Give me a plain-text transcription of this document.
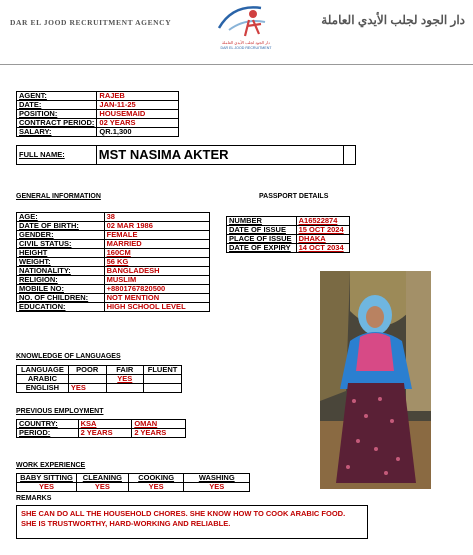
DAR EL JOOD RECRUITMENT AGENCY
دار الجود لجلب الأيدي العاملة
DAR EL JOOD RECRUITMENT
دار الجود لجلب الأيدي العاملة
AGENT:	RAJEB
DATE:	JAN-11-25
POSITION:	HOUSEMAID
CONTRACT PERIOD:	02 YEARS
SALARY:	QR.1,300
FULL NAME:	MST NASIMA AKTER	
GENERAL INFORMATION
AGE:	38
DATE OF BIRTH:	02 MAR 1986
GENDER:	FEMALE
CIVIL STATUS:	MARRIED
HEIGHT	160CM
WEIGHT:	56 KG
NATIONALITY:	BANGLADESH
RELIGION:	MUSLIM
MOBILE NO:	+8801767820500
NO. OF CHILDREN:	NOT MENTION
EDUCATION:	HIGH SCHOOL LEVEL
PASSPORT DETAILS
NUMBER	A16522874
DATE OF ISSUE	15 OCT 2024
PLACE OF ISSUE	DHAKA
DATE OF EXPIRY	14 OCT 2034
KNOWLEDGE OF LANGUAGES
LANGUAGE	POOR	FAIR	FLUENT
ARABIC		YES	
ENGLISH	YES		
PREVIOUS EMPLOYMENT
COUNTRY:	KSA	OMAN
PERIOD:	2 YEARS	2 YEARS
WORK EXPERIENCE
BABY SITTING	CLEANING	COOKING	WASHING
YES	YES	YES	YES
REMARKS
SHE CAN DO ALL THE HOUSEHOLD CHORES. SHE KNOW HOW TO COOK ARABIC FOOD.
SHE IS TRUSTWORTHY, HARD-WORKING AND RELIABLE.
